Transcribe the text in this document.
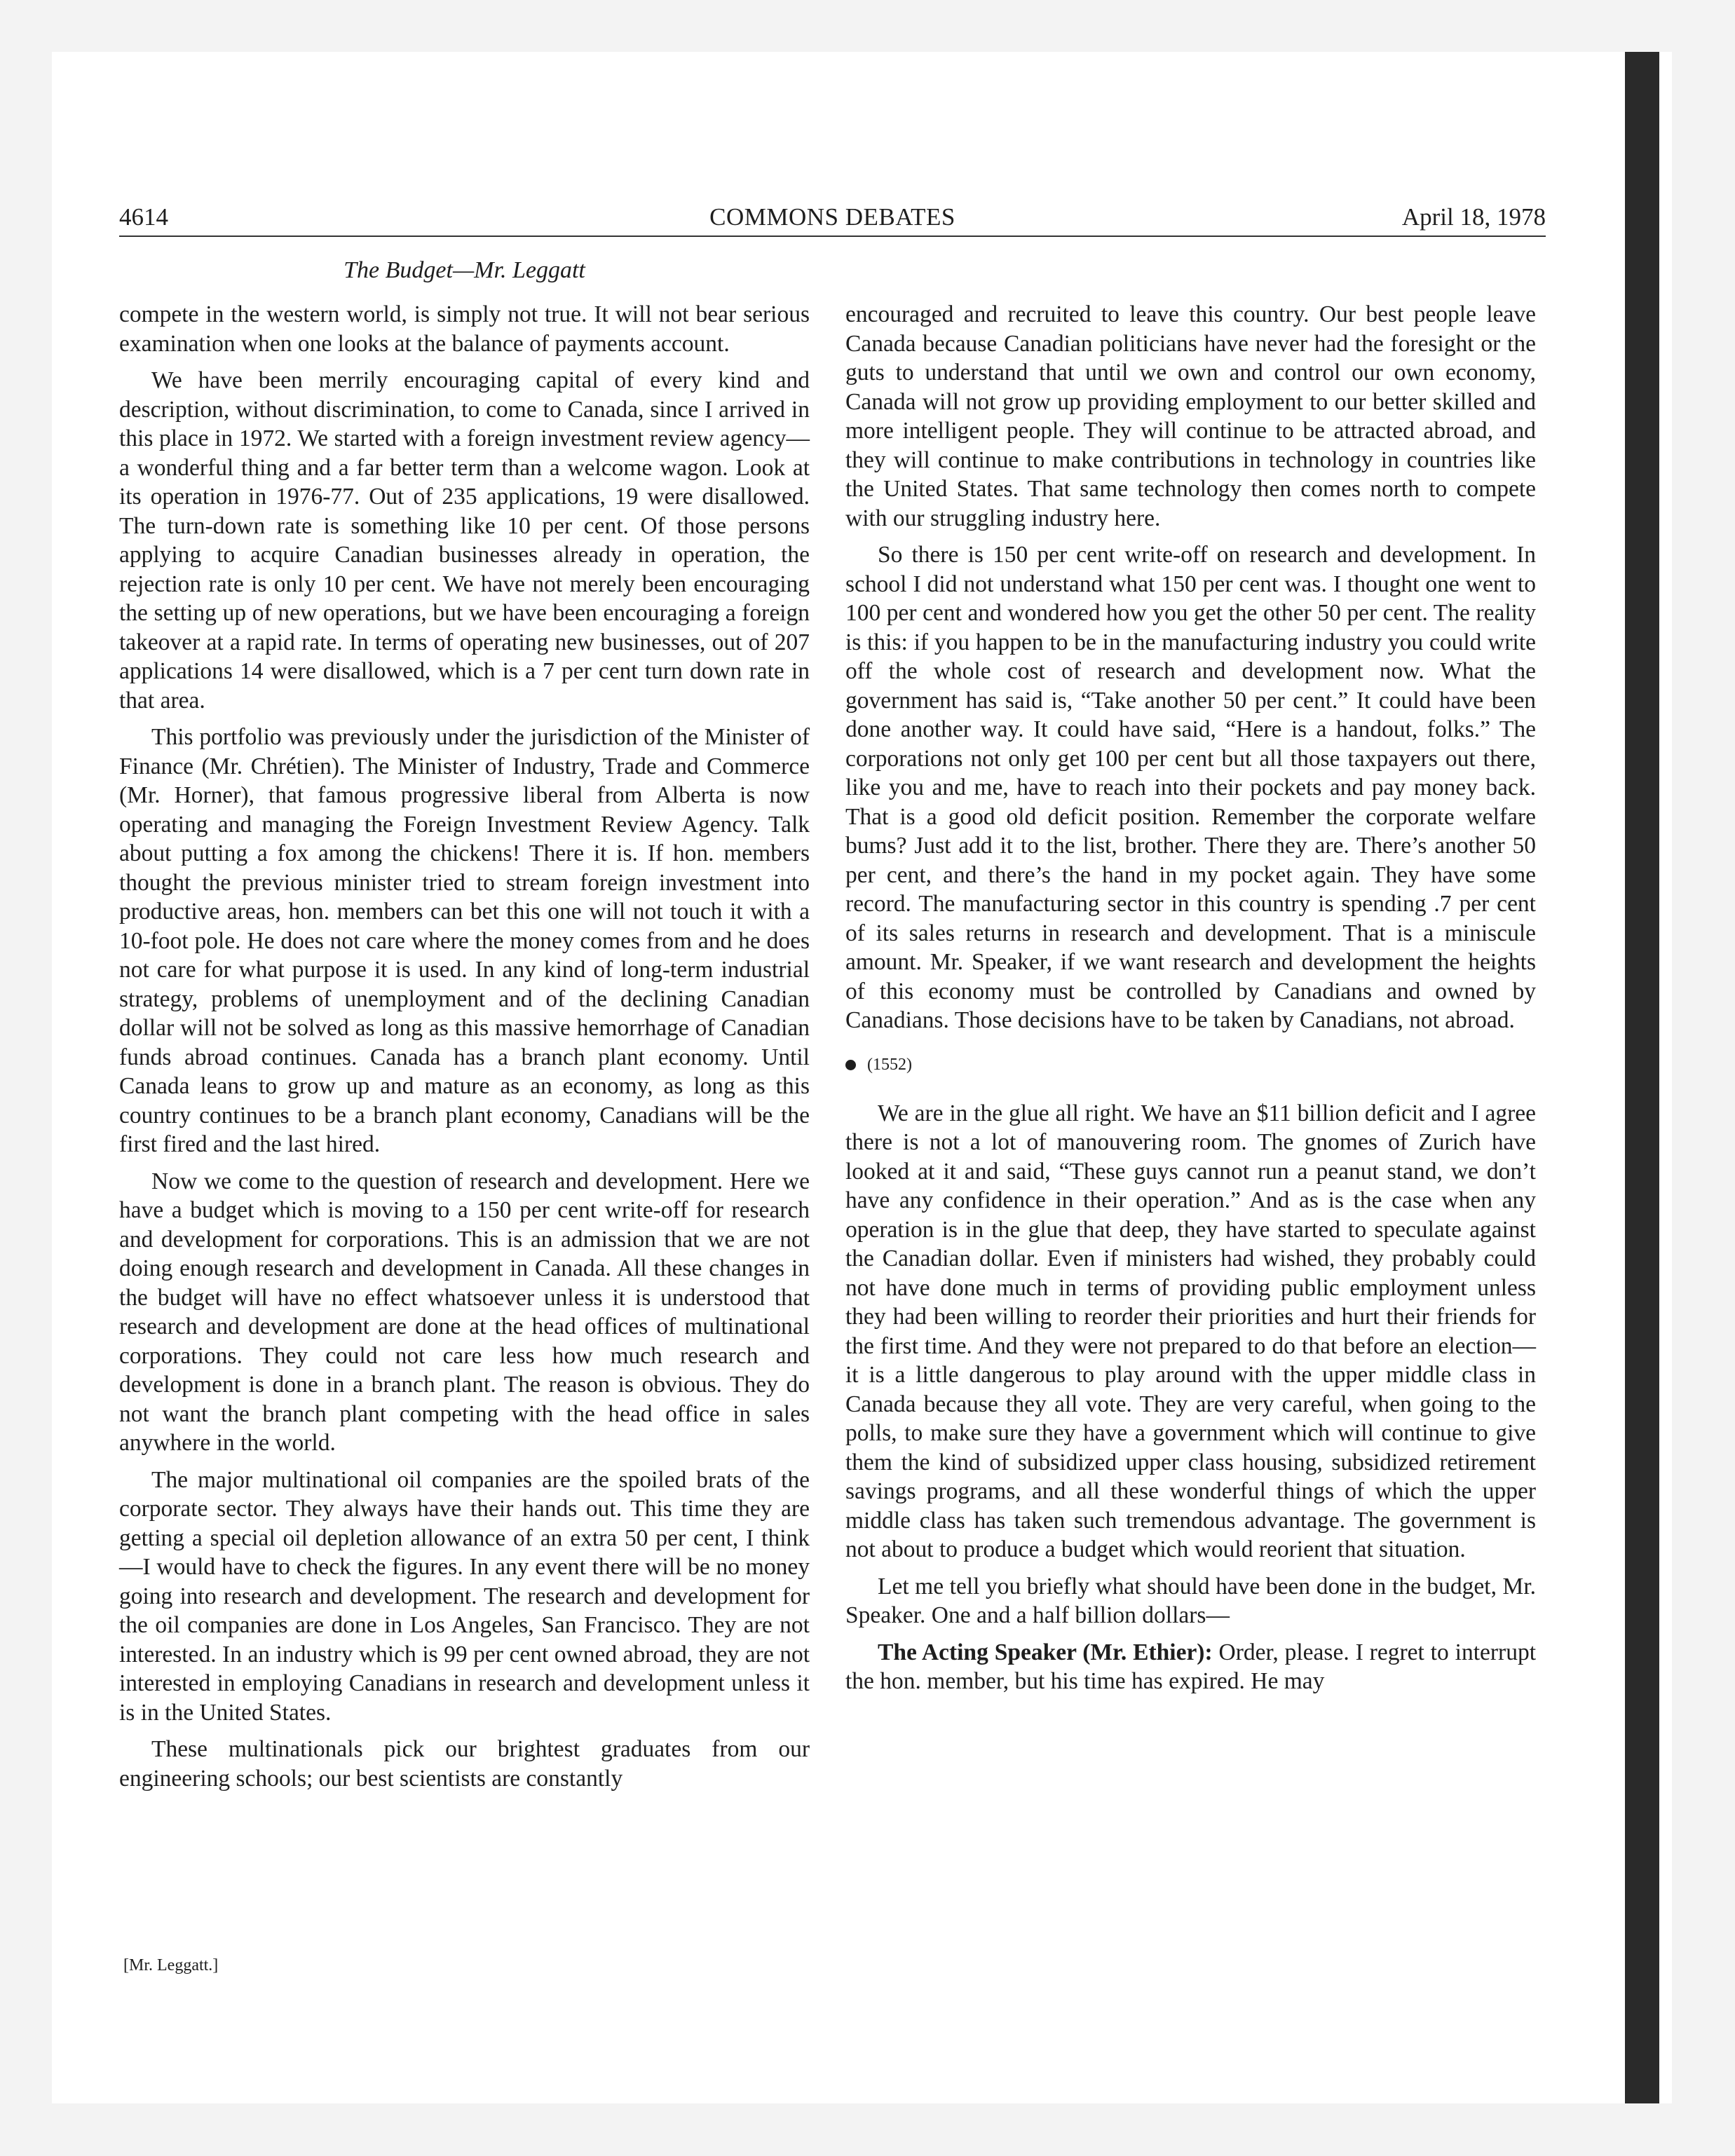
4614	COMMONS DEBATES	April 18, 1978
The Budget—Mr. Leggatt

compete in the western world, is simply not true. It will not bear serious examination when one looks at the balance of payments account.

We have been merrily encouraging capital of every kind and description, without discrimination, to come to Canada, since I arrived in this place in 1972. We started with a foreign investment review agency—a wonderful thing and a far better term than a welcome wagon. Look at its operation in 1976-77. Out of 235 applications, 19 were disallowed. The turn-down rate is something like 10 per cent. Of those persons applying to acquire Canadian businesses already in operation, the rejection rate is only 10 per cent. We have not merely been encouraging the setting up of new operations, but we have been encouraging a foreign takeover at a rapid rate. In terms of operating new businesses, out of 207 applications 14 were disallowed, which is a 7 per cent turn down rate in that area.

This portfolio was previously under the jurisdiction of the Minister of Finance (Mr. Chrétien). The Minister of Industry, Trade and Commerce (Mr. Horner), that famous progressive liberal from Alberta is now operating and managing the Foreign Investment Review Agency. Talk about putting a fox among the chickens! There it is. If hon. members thought the previous minister tried to stream foreign investment into productive areas, hon. members can bet this one will not touch it with a 10-foot pole. He does not care where the money comes from and he does not care for what purpose it is used. In any kind of long-term industrial strategy, problems of unemployment and of the declining Canadian dollar will not be solved as long as this massive hemorrhage of Canadian funds abroad continues. Canada has a branch plant economy. Until Canada leans to grow up and mature as an economy, as long as this country continues to be a branch plant economy, Canadians will be the first fired and the last hired.

Now we come to the question of research and development. Here we have a budget which is moving to a 150 per cent write-off for research and development for corporations. This is an admission that we are not doing enough research and development in Canada. All these changes in the budget will have no effect whatsoever unless it is understood that research and development are done at the head offices of multinational corporations. They could not care less how much research and development is done in a branch plant. The reason is obvious. They do not want the branch plant competing with the head office in sales anywhere in the world.

The major multinational oil companies are the spoiled brats of the corporate sector. They always have their hands out. This time they are getting a special oil depletion allowance of an extra 50 per cent, I think—I would have to check the figures. In any event there will be no money going into research and development. The research and development for the oil companies are done in Los Angeles, San Francisco. They are not interested. In an industry which is 99 per cent owned abroad, they are not interested in employing Canadians in research and development unless it is in the United States.

These multinationals pick our brightest graduates from our engineering schools; our best scientists are constantly

[Mr. Leggatt.]

encouraged and recruited to leave this country. Our best people leave Canada because Canadian politicians have never had the foresight or the guts to understand that until we own and control our own economy, Canada will not grow up providing employment to our better skilled and more intelligent people. They will continue to be attracted abroad, and they will continue to make contributions in technology in countries like the United States. That same technology then comes north to compete with our struggling industry here.

So there is 150 per cent write-off on research and development. In school I did not understand what 150 per cent was. I thought one went to 100 per cent and wondered how you get the other 50 per cent. The reality is this: if you happen to be in the manufacturing industry you could write off the whole cost of research and development now. What the government has said is, “Take another 50 per cent.” It could have been done another way. It could have said, “Here is a handout, folks.” The corporations not only get 100 per cent but all those taxpayers out there, like you and me, have to reach into their pockets and pay money back. That is a good old deficit position. Remember the corporate welfare bums? Just add it to the list, brother. There they are. There’s another 50 per cent, and there’s the hand in my pocket again. They have some record. The manufacturing sector in this country is spending .7 per cent of its sales returns in research and development. That is a miniscule amount. Mr. Speaker, if we want research and development the heights of this economy must be controlled by Canadians and owned by Canadians. Those decisions have to be taken by Canadians, not abroad.

(1552)

We are in the glue all right. We have an $11 billion deficit and I agree there is not a lot of manouvering room. The gnomes of Zurich have looked at it and said, “These guys cannot run a peanut stand, we don’t have any confidence in their operation.” And as is the case when any operation is in the glue that deep, they have started to speculate against the Canadian dollar. Even if ministers had wished, they probably could not have done much in terms of providing public employment unless they had been willing to reorder their priorities and hurt their friends for the first time. And they were not prepared to do that before an election—it is a little dangerous to play around with the upper middle class in Canada because they all vote. They are very careful, when going to the polls, to make sure they have a government which will continue to give them the kind of subsidized upper class housing, subsidized retirement savings programs, and all these wonderful things of which the upper middle class has taken such tremendous advantage. The government is not about to produce a budget which would reorient that situation.

Let me tell you briefly what should have been done in the budget, Mr. Speaker. One and a half billion dollars—

The Acting Speaker (Mr. Ethier): Order, please. I regret to interrupt the hon. member, but his time has expired. He may
